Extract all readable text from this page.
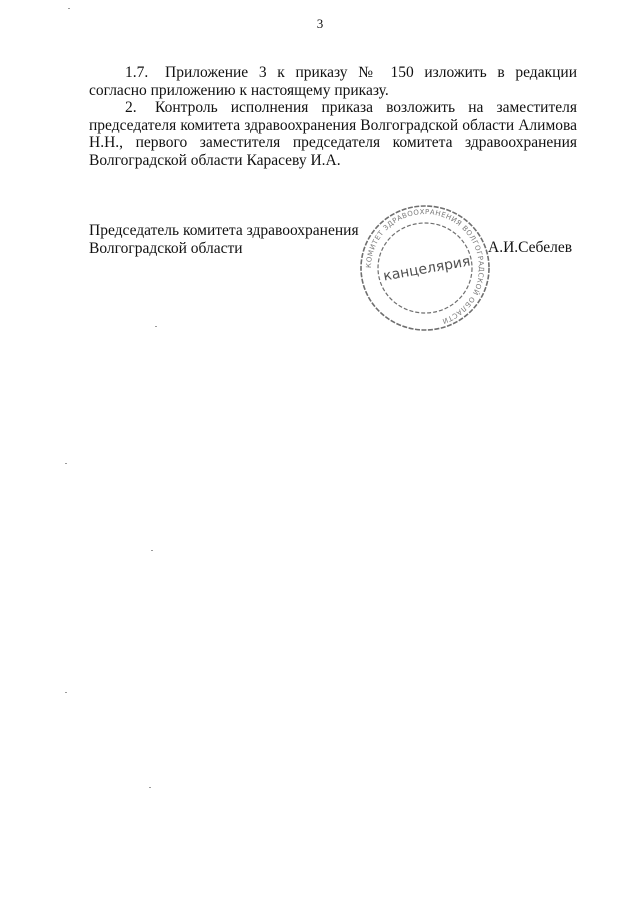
3

1.7. Приложение 3 к приказу № 150 изложить в редакции согласно приложению к настоящему приказу.

2. Контроль исполнения приказа возложить на заместителя председателя комитета здравоохранения Волгоградской области Алимова Н.Н., первого заместителя председателя комитета здравоохранения Волгоградской области Карасеву И.А.

Председатель комитета здравоохранения
Волгоградской области
КОМИТЕТ ЗДРАВООХРАНЕНИЯ ВОЛГОГРАДСКОЙ ОБЛАСТИ
канцелярия
А.И.Себелев
